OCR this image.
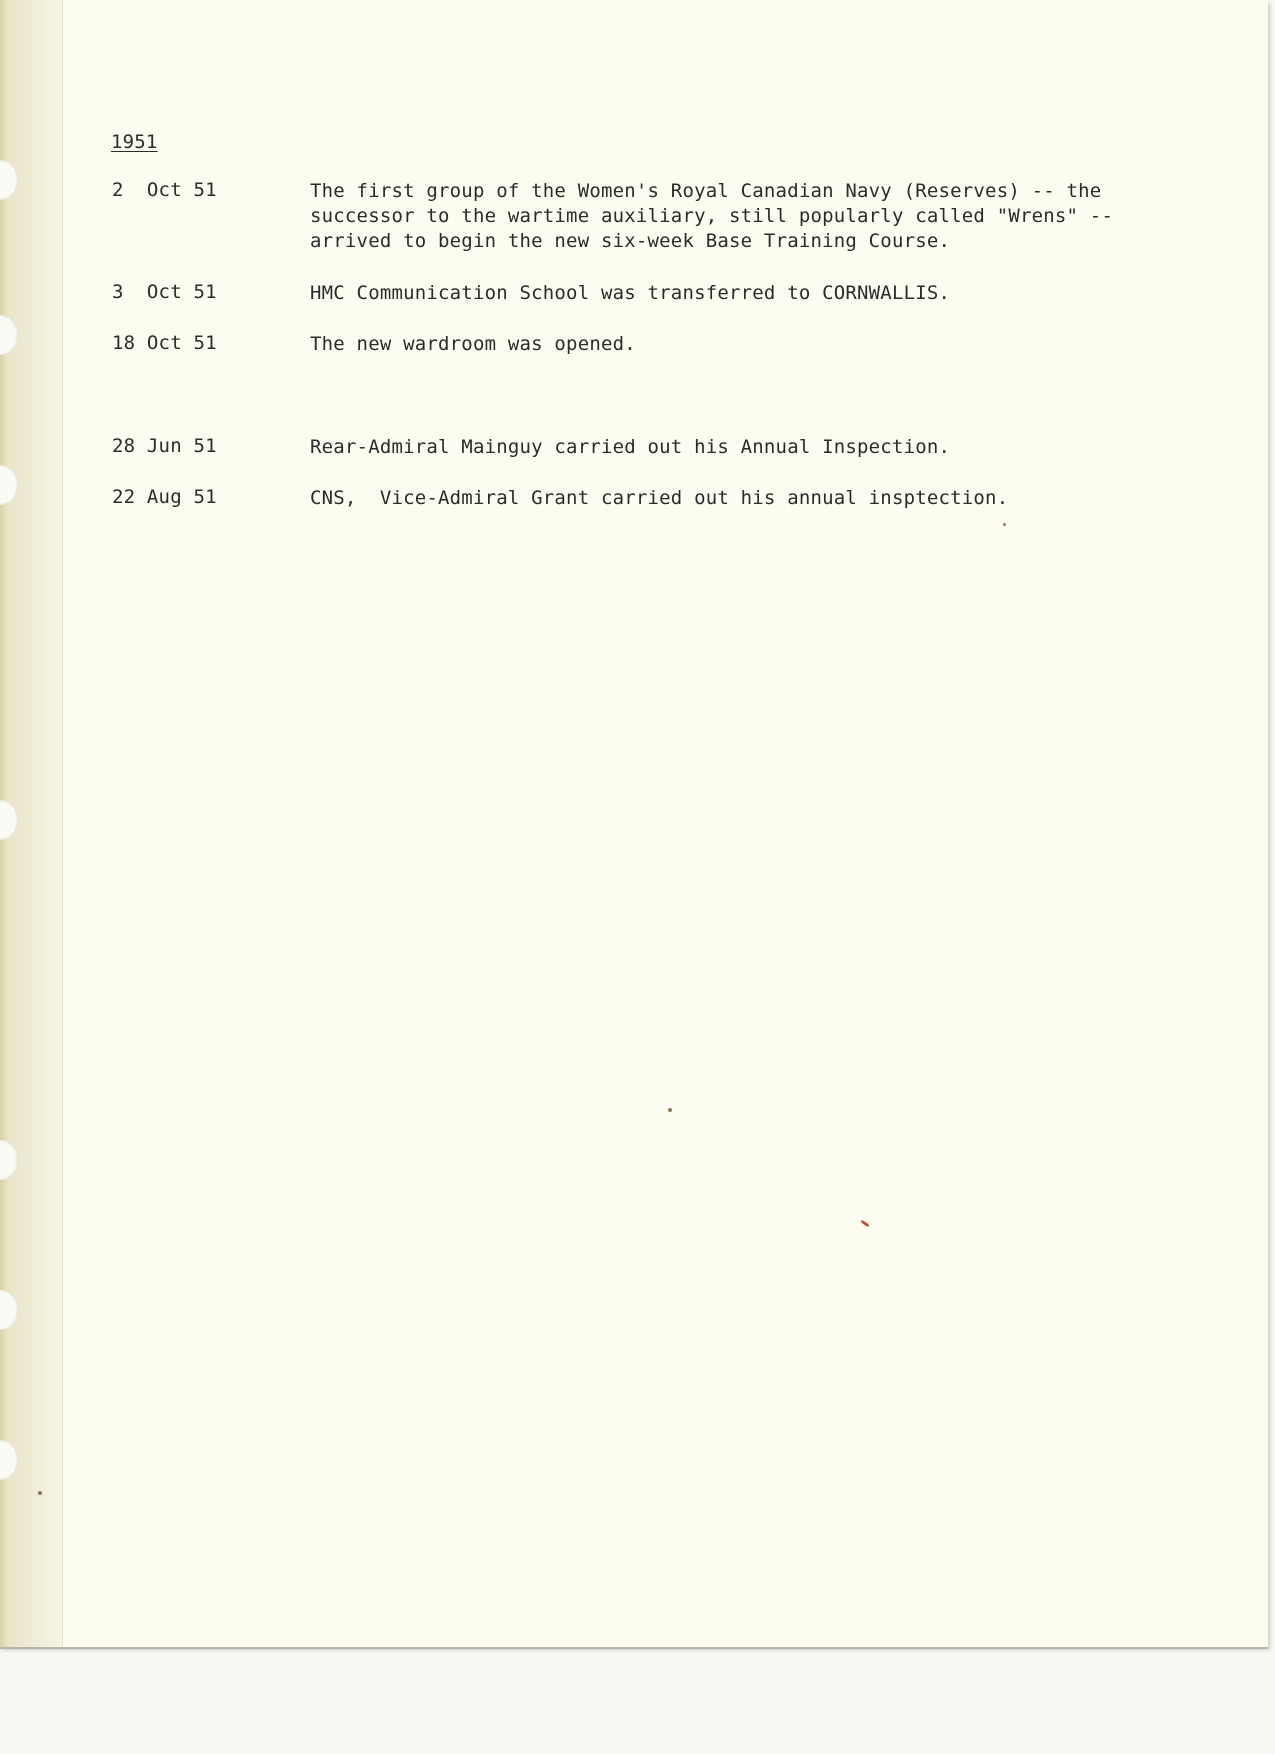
1951
2  Oct 51	The first group of the Women's Royal Canadian Navy (Reserves) -- the
successor to the wartime auxiliary, still popularly called "Wrens" --
arrived to begin the new six-week Base Training Course.

3  Oct 51	HMC Communication School was transferred to CORNWALLIS.

18 Oct 51	The new wardroom was opened.

28 Jun 51	Rear-Admiral Mainguy carried out his Annual Inspection.

22 Aug 51	CNS,  Vice-Admiral Grant carried out his annual insptection.
